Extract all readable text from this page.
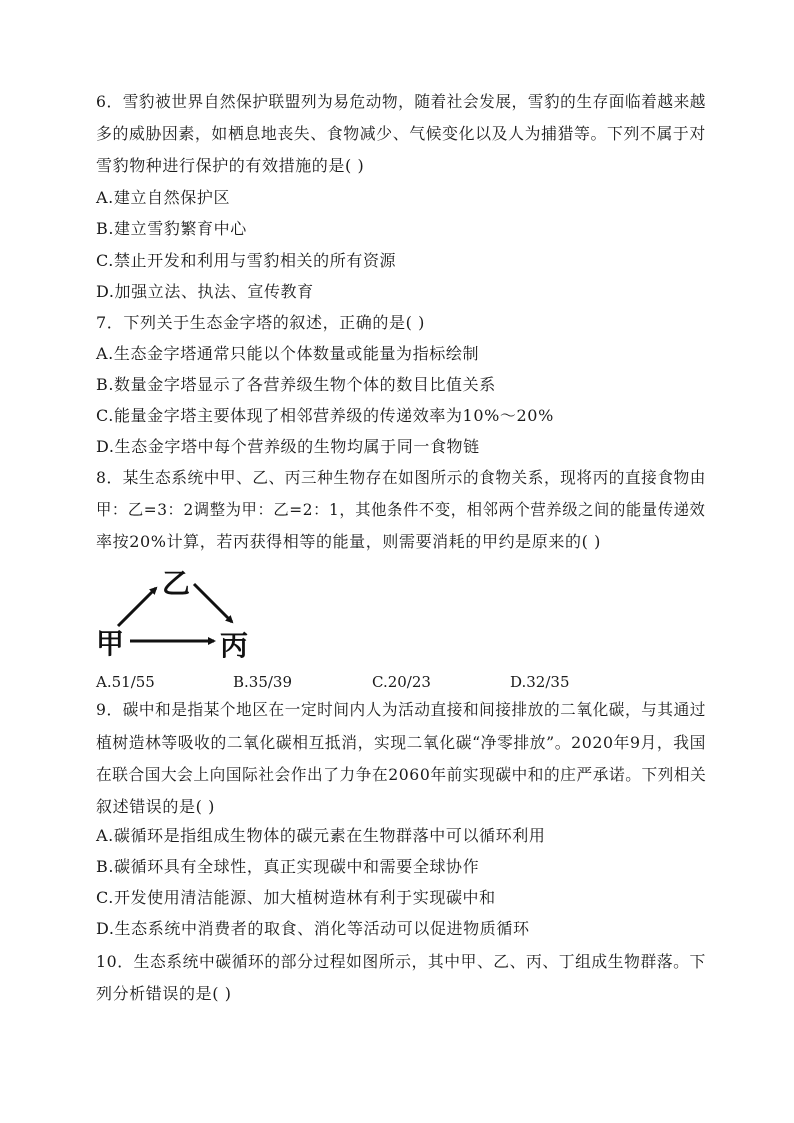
6．雪豹被世界自然保护联盟列为易危动物，随着社会发展，雪豹的生存面临着越来越
多的威胁因素，如栖息地丧失、食物减少、气候变化以及人为捕猎等。下列不属于对
雪豹物种进行保护的有效措施的是( )
A.建立自然保护区
B.建立雪豹繁育中心
C.禁止开发和利用与雪豹相关的所有资源
D.加强立法、执法、宣传教育
7．下列关于生态金字塔的叙述，正确的是( )
A.生态金字塔通常只能以个体数量或能量为指标绘制
B.数量金字塔显示了各营养级生物个体的数目比值关系
C.能量金字塔主要体现了相邻营养级的传递效率为10%～20%
D.生态金字塔中每个营养级的生物均属于同一食物链
8．某生态系统中甲、乙、丙三种生物存在如图所示的食物关系，现将丙的直接食物由
甲：乙=3：2调整为甲：乙=2：1，其他条件不变，相邻两个营养级之间的能量传递效
率按20%计算，若丙获得相等的能量，则需要消耗的甲约是原来的( )
乙
甲	丙
A.51/55	B.35/39	C.20/23	D.32/35
9．碳中和是指某个地区在一定时间内人为活动直接和间接排放的二氧化碳，与其通过
植树造林等吸收的二氧化碳相互抵消，实现二氧化碳“净零排放”。2020年9月，我国
在联合国大会上向国际社会作出了力争在2060年前实现碳中和的庄严承诺。下列相关
叙述错误的是( )
A.碳循环是指组成生物体的碳元素在生物群落中可以循环利用
B.碳循环具有全球性，真正实现碳中和需要全球协作
C.开发使用清洁能源、加大植树造林有利于实现碳中和
D.生态系统中消费者的取食、消化等活动可以促进物质循环
10．生态系统中碳循环的部分过程如图所示，其中甲、乙、丙、丁组成生物群落。下
列分析错误的是( )
